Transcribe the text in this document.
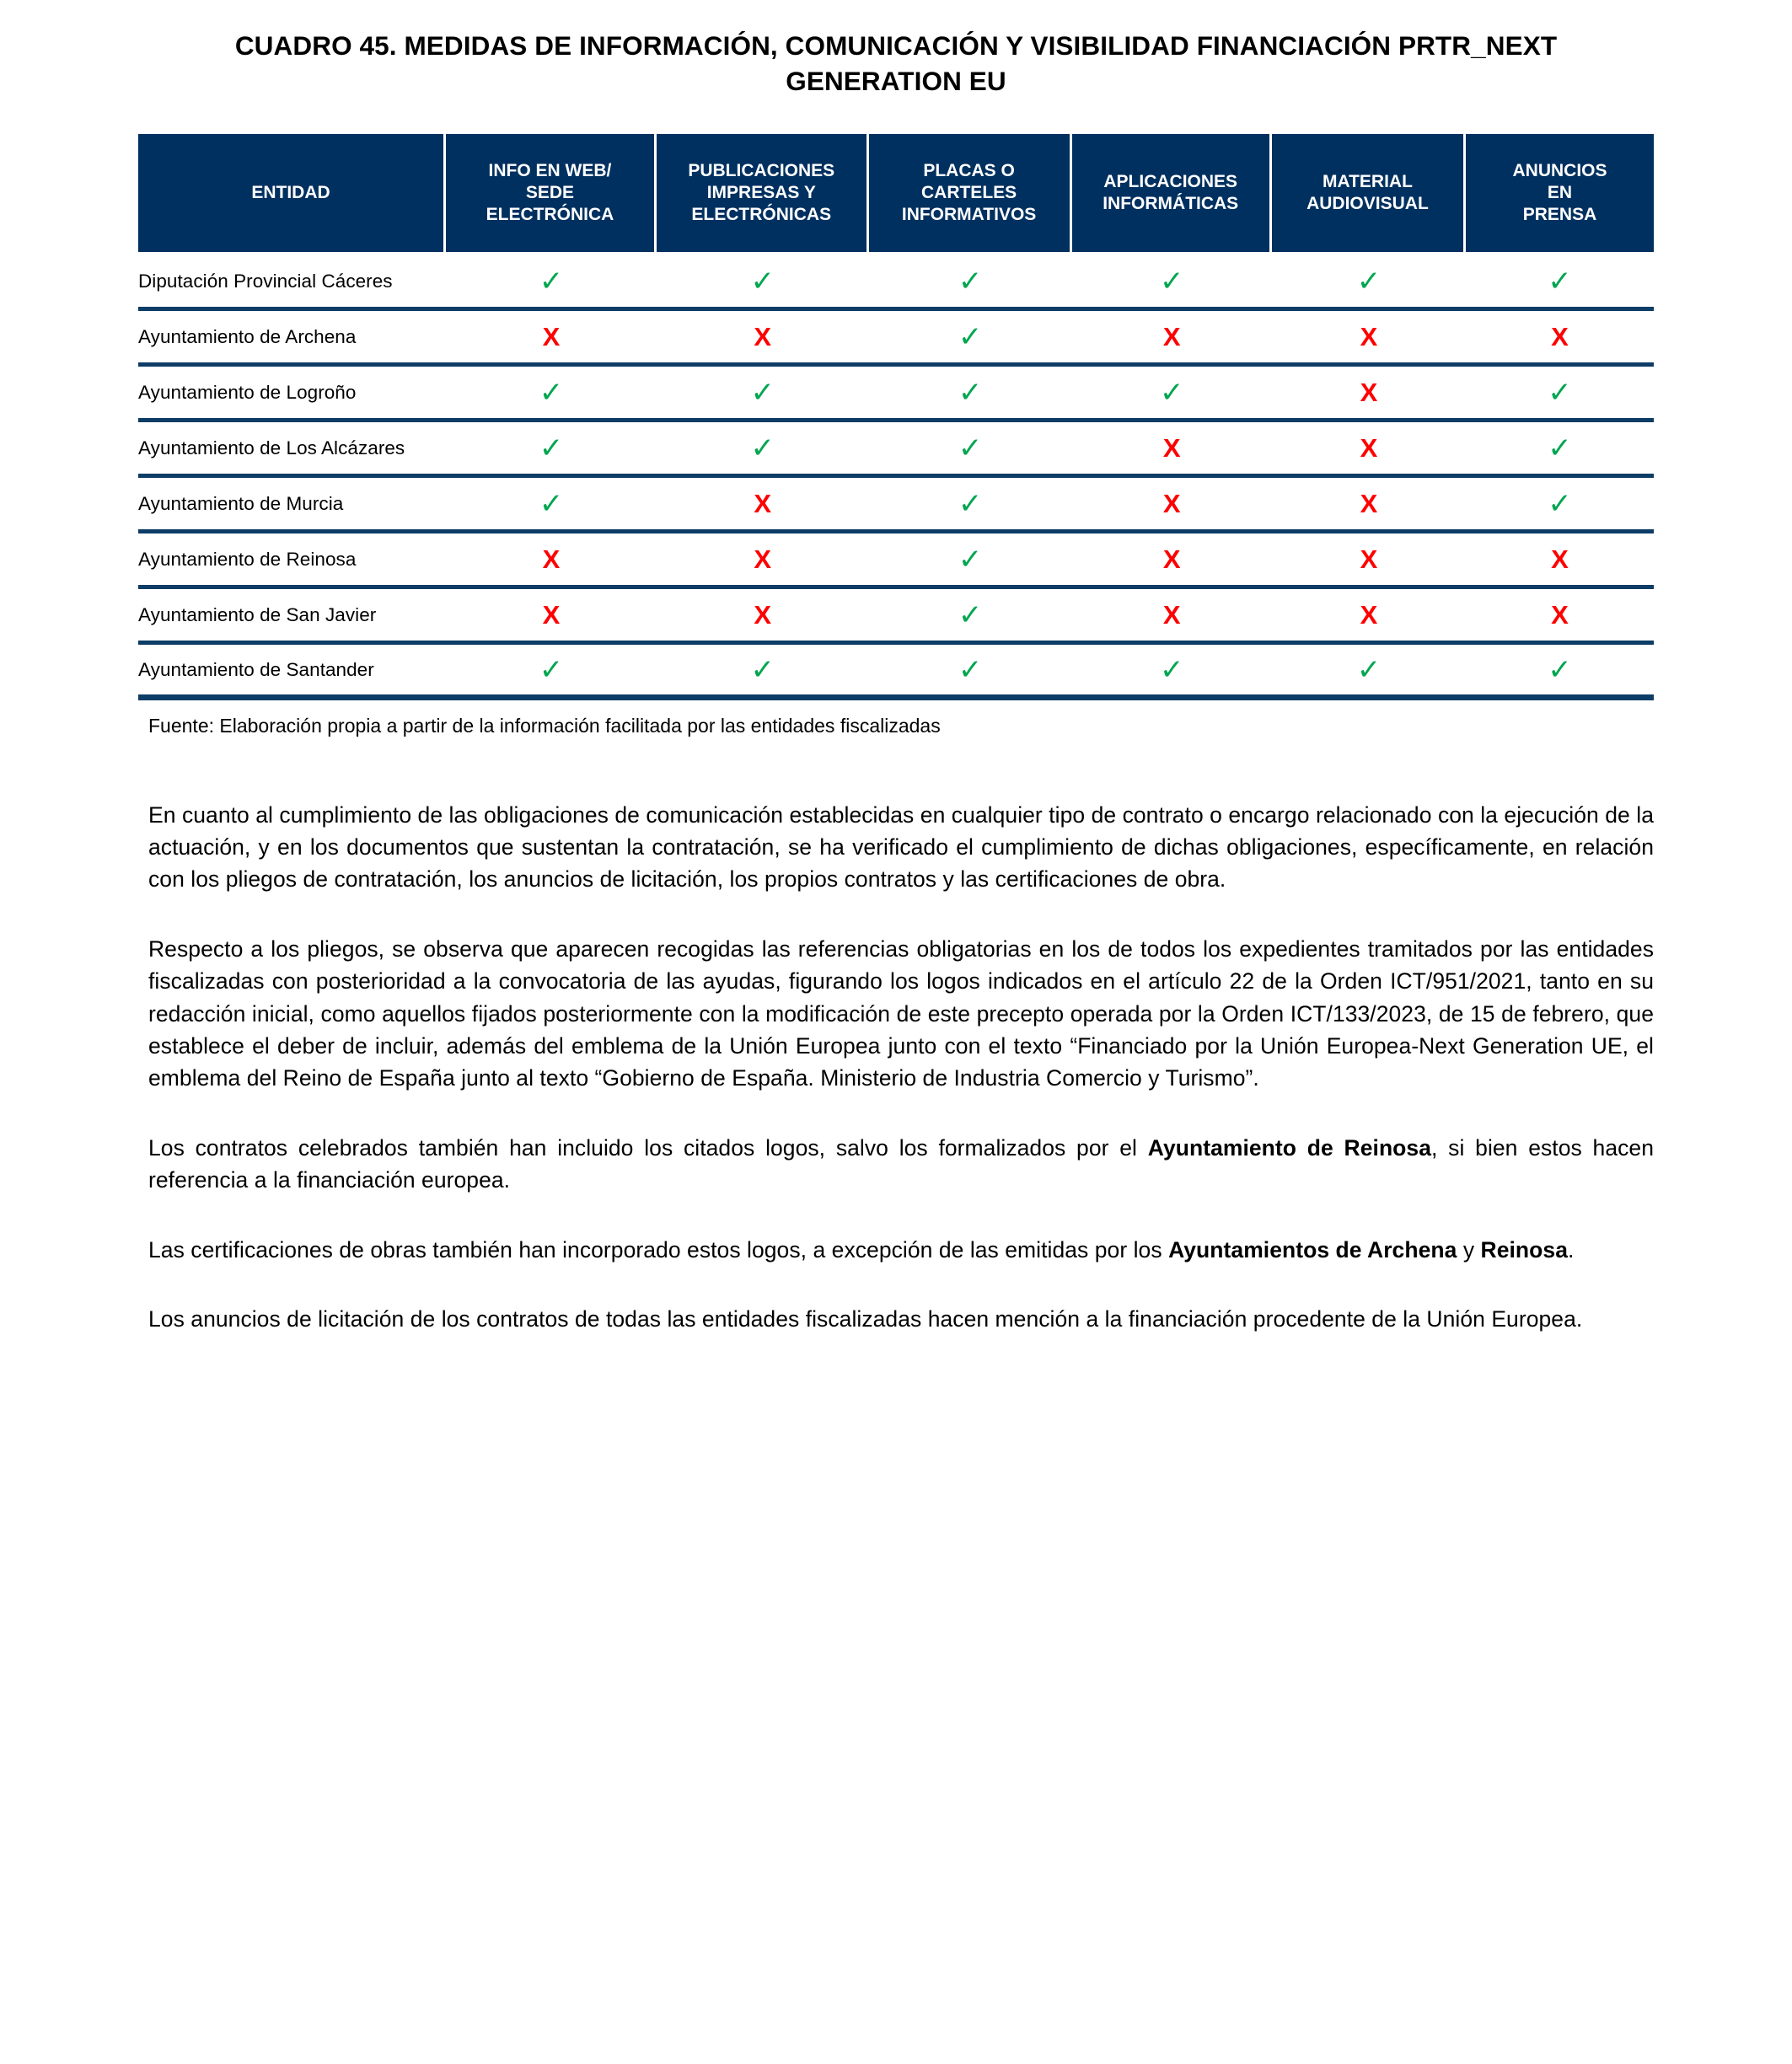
CUADRO 45. MEDIDAS DE INFORMACIÓN, COMUNICACIÓN Y VISIBILIDAD FINANCIACIÓN PRTR_NEXT GENERATION EU
ENTIDAD	INFO EN WEB/
SEDE
ELECTRÓNICA	PUBLICACIONES
IMPRESAS Y
ELECTRÓNICAS	PLACAS O
CARTELES
INFORMATIVOS	APLICACIONES
INFORMÁTICAS	MATERIAL
AUDIOVISUAL	ANUNCIOS
EN
PRENSA

Diputación Provincial Cáceres	✓	✓	✓	✓	✓	✓
Ayuntamiento de Archena	X	X	✓	X	X	X
Ayuntamiento de Logroño	✓	✓	✓	✓	X	✓
Ayuntamiento de Los Alcázares	✓	✓	✓	X	X	✓
Ayuntamiento de Murcia	✓	X	✓	X	X	✓
Ayuntamiento de Reinosa	X	X	✓	X	X	X
Ayuntamiento de San Javier	X	X	✓	X	X	X
Ayuntamiento de Santander	✓	✓	✓	✓	✓	✓

Fuente: Elaboración propia a partir de la información facilitada por las entidades fiscalizadas

En cuanto al cumplimiento de las obligaciones de comunicación establecidas en cualquier tipo de contrato o encargo relacionado con la ejecución de la actuación, y en los documentos que sustentan la contratación, se ha verificado el cumplimiento de dichas obligaciones, específicamente, en relación con los pliegos de contratación, los anuncios de licitación, los propios contratos y las certificaciones de obra.

Respecto a los pliegos, se observa que aparecen recogidas las referencias obligatorias en los de todos los expedientes tramitados por las entidades fiscalizadas con posterioridad a la convocatoria de las ayudas, figurando los logos indicados en el artículo 22 de la Orden ICT/951/2021, tanto en su redacción inicial, como aquellos fijados posteriormente con la modificación de este precepto operada por la Orden ICT/133/2023, de 15 de febrero, que establece el deber de incluir, además del emblema de la Unión Europea junto con el texto “Financiado por la Unión Europea-Next Generation UE, el emblema del Reino de España junto al texto “Gobierno de España. Ministerio de Industria Comercio y Turismo”.

Los contratos celebrados también han incluido los citados logos, salvo los formalizados por el Ayuntamiento de Reinosa, si bien estos hacen referencia a la financiación europea.

Las certificaciones de obras también han incorporado estos logos, a excepción de las emitidas por los Ayuntamientos de Archena y Reinosa.

Los anuncios de licitación de los contratos de todas las entidades fiscalizadas hacen mención a la financiación procedente de la Unión Europea.
